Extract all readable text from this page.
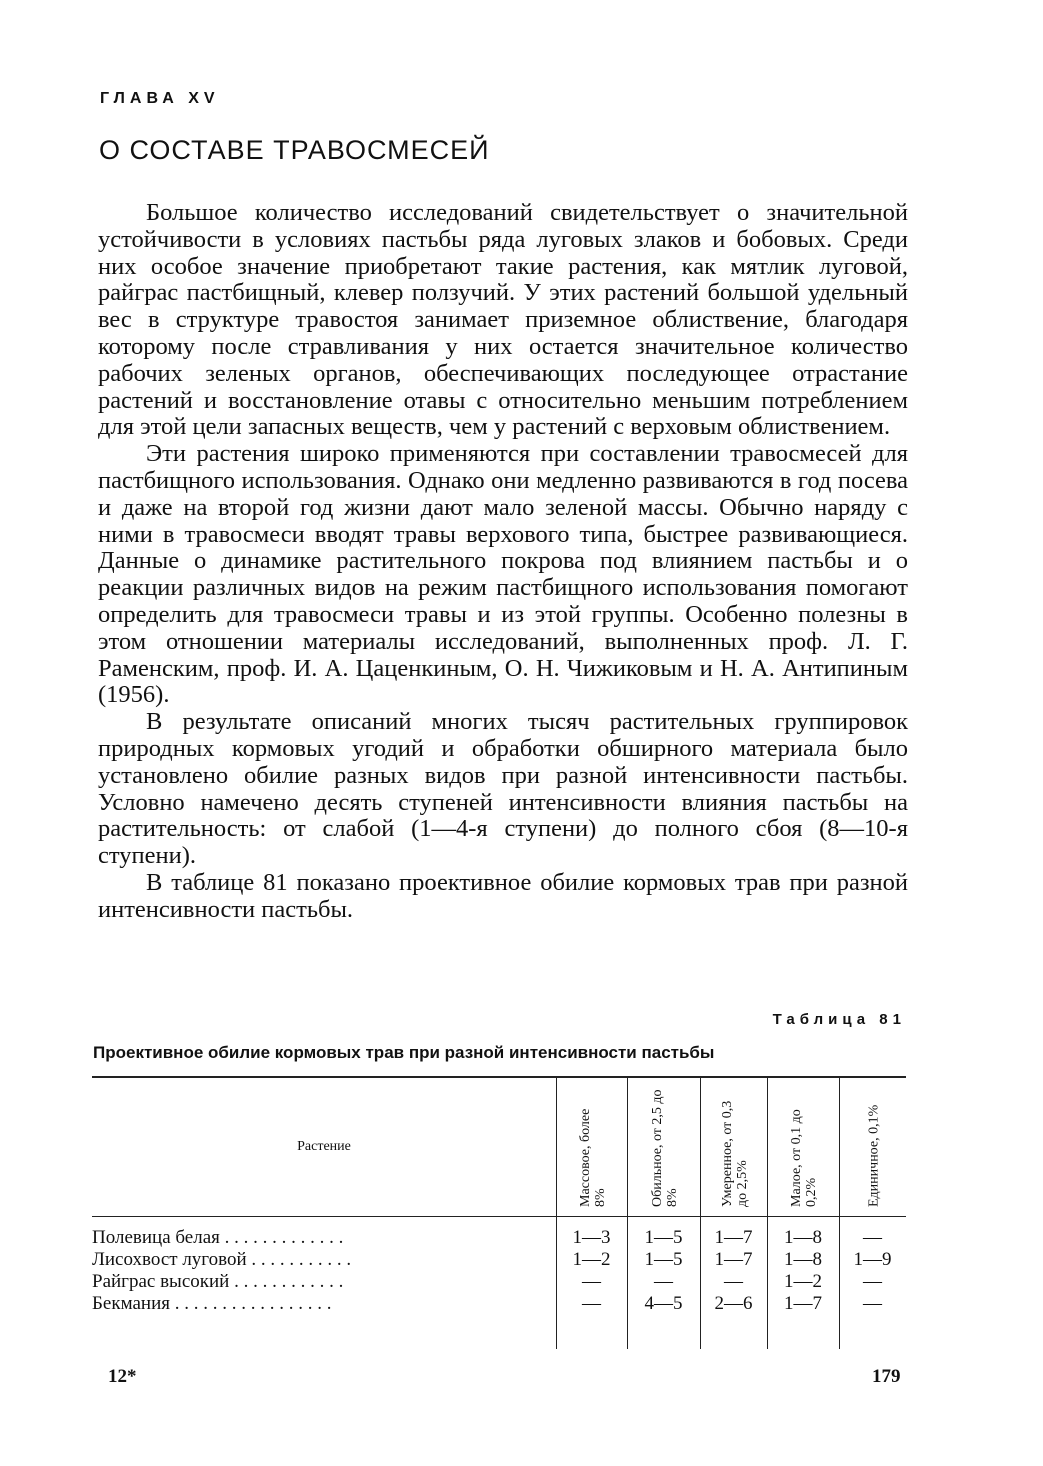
ГЛАВА XV
О СОСТАВЕ ТРАВОСМЕСЕЙ

Большое количество исследований свидетельствует о значительной устойчивости в условиях пастьбы ряда луговых злаков и бобовых. Среди них особое значение приобретают такие растения, как мятлик луговой, райграс пастбищный, клевер ползучий. У этих растений большой удельный вес в структуре травостоя занимает приземное облиствение, благодаря которому после стравливания у них остается значительное количество рабочих зеленых органов, обеспечивающих последующее отрастание растений и восстановление отавы с относительно меньшим потреблением для этой цели запасных веществ, чем у растений с верховым облиствением.

Эти растения широко применяются при составлении травосмесей для пастбищного использования. Однако они медленно развиваются в год посева и даже на второй год жизни дают мало зеленой массы. Обычно наряду с ними в травосмеси вводят травы верхового типа, быстрее развивающиеся. Данные о динамике растительного покрова под влиянием пастьбы и о реакции различных видов на режим пастбищного использования помогают определить для травосмеси травы и из этой группы. Особенно полезны в этом отношении материалы исследований, выполненных проф. Л. Г. Раменским, проф. И. А. Цаценкиным, О. Н. Чижиковым и Н. А. Антипиным (1956).

В результате описаний многих тысяч растительных группировок природных кормовых угодий и обработки обширного материала было установлено обилие разных видов при разной интенсивности пастьбы. Условно намечено десять ступеней интенсивности влияния пастьбы на растительность: от слабой (1—4-я ступени) до полного сбоя (8—10-я ступени).

В таблице 81 показано проективное обилие кормовых трав при разной интенсивности пастьбы.

Таблица 81
Проективное обилие кормовых трав при разной интенсивности пастьбы
Растение	Массовое, более 8%	Обильное, от 2,5 до 8%	Умеренное, от 0,3 до 2,5%	Малое, от 0,1 до 0,2%	Единичное, 0,1%
Полевица белая . . . . . . . . . . . . .	1—3	1—5	1—7	1—8	—
Лисохвост луговой . . . . . . . . . . .	1—2	1—5	1—7	1—8	1—9
Райграс высокий . . . . . . . . . . . .	—	—	—	1—2	—
Бекмания . . . . . . . . . . . . . . . . .	—	4—5	2—6	1—7	—
12*	179
